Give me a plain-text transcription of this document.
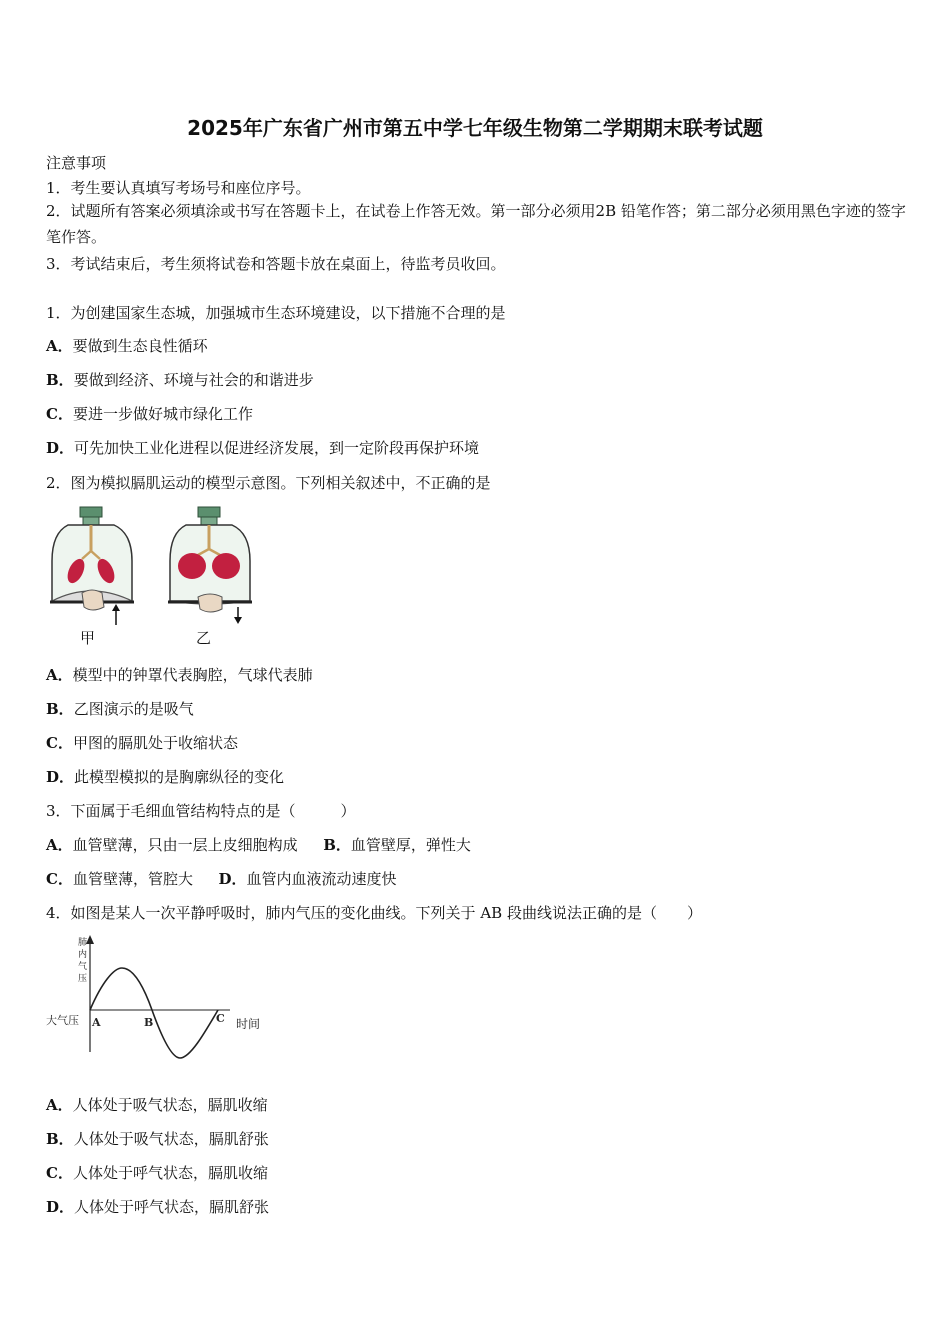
2025年广东省广州市第五中学七年级生物第二学期期末联考试题
注意事项
1．考生要认真填写考场号和座位序号。
2．试题所有答案必须填涂或书写在答题卡上，在试卷上作答无效。第一部分必须用2B 铅笔作答；第二部分必须用黑色字迹的签字笔作答。
3．考试结束后，考生须将试卷和答题卡放在桌面上，待监考员收回。
1．为创建国家生态城，加强城市生态环境建设，以下措施不合理的是
A．要做到生态良性循环
B．要做到经济、环境与社会的和谐进步
C．要进一步做好城市绿化工作
D．可先加快工业化进程以促进经济发展，到一定阶段再保护环境
2．图为模拟膈肌运动的模型示意图。下列相关叙述中，不正确的是
甲	乙
A．模型中的钟罩代表胸腔，气球代表肺
B．乙图演示的是吸气
C．甲图的膈肌处于收缩状态
D．此模型模拟的是胸廓纵径的变化
3．下面属于毛细血管结构特点的是（　　　）
A．血管壁薄，只由一层上皮细胞构成 B．血管壁厚，弹性大
C．血管壁薄，管腔大 D．血管内血液流动速度快
4．如图是某人一次平静呼吸时，肺内气压的变化曲线。下列关于 AB 段曲线说法正确的是（　　）
肺
内
气
压
大气压 A	B	C 时间
A．人体处于吸气状态，膈肌收缩
B．人体处于吸气状态，膈肌舒张
C．人体处于呼气状态，膈肌收缩
D．人体处于呼气状态，膈肌舒张
